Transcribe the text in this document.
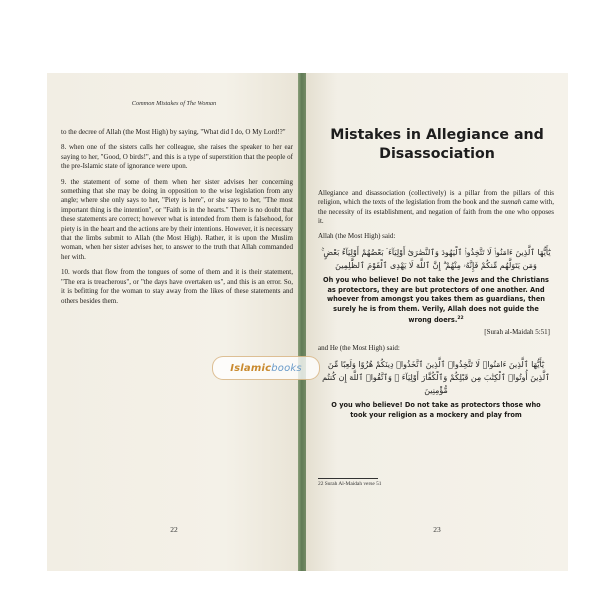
Common Mistakes of The Woman

to the decree of Allah (the Most High) by saying, "What did I do, O My Lord!?"

8. when one of the sisters calls her colleague, she raises the speaker to her ear saying to her, "Good, O birds!", and this is a type of superstition that the people of the pre-Islamic state of ignorance were upon.

9. the statement of some of them when her sister advises her concerning something that she may be doing in opposition to the wise legislation from any angle; where she only says to her, "Piety is here", or she says to her, "The most important thing is the intention", or "Faith is in the hearts." There is no doubt that these statements are correct; however what is intended from them is falsehood, for piety is in the heart and the actions are by their intentions. However, it is necessary that the limbs submit to Allah (the Most High). Rather, it is upon the Muslim woman, when her sister advises her, to answer to the truth that Allah commanded her with.

10. words that flow from the tongues of some of them and it is their statement, "The era is treacherous", or "the days have overtaken us", and this is an error. So, it is befitting for the woman to stay away from the likes of these statements and others besides them.

22
Mistakes in Allegiance and
Disassociation

Allegiance and disassociation (collectively) is a pillar from the pillars of this religion, which the texts of the legislation from the book and the sunnah came with, the necessity of its establishment, and negation of faith from the one who opposes it.

Allah (the Most High) said:

يَٰٓأَيُّهَا ٱلَّذِينَ ءَامَنُوا۟ لَا تَتَّخِذُوا۟ ٱلْيَهُودَ وَٱلنَّصَٰرَىٰٓ أَوْلِيَآءَ ۘ بَعْضُهُمْ أَوْلِيَآءُ بَعْضٍ ۚ وَمَن يَتَوَلَّهُم مِّنكُمْ فَإِنَّهُۥ مِنْهُمْ ۗ إِنَّ ٱللَّهَ لَا يَهْدِى ٱلْقَوْمَ ٱلظَّٰلِمِينَ
Oh you who believe! Do not take the Jews and the Christians as protectors, they are but protectors of one another. And whoever from amongst you takes them as guardians, then surely he is from them. Verily, Allah does not guide the wrong doers.$^{22}$
[Surah al-Maidah 5:51]

and He (the Most High) said:

يَٰٓأَيُّهَا ٱلَّذِينَ ءَامَنُوا۟ لَا تَتَّخِذُوا۟ ٱلَّذِينَ ٱتَّخَذُوا۟ دِينَكُمْ هُزُوًا وَلَعِبًا مِّنَ ٱلَّذِينَ أُوتُوا۟ ٱلْكِتَٰبَ مِن قَبْلِكُمْ وَٱلْكُفَّارَ أَوْلِيَآءَ ۚ وَٱتَّقُوا۟ ٱللَّهَ إِن كُنتُم مُّؤْمِنِينَ
O you who believe! Do not take as protectors those who took your religion as a mockery and play from
22 Surah Al-Maidah verse 51
23
Islamic books
